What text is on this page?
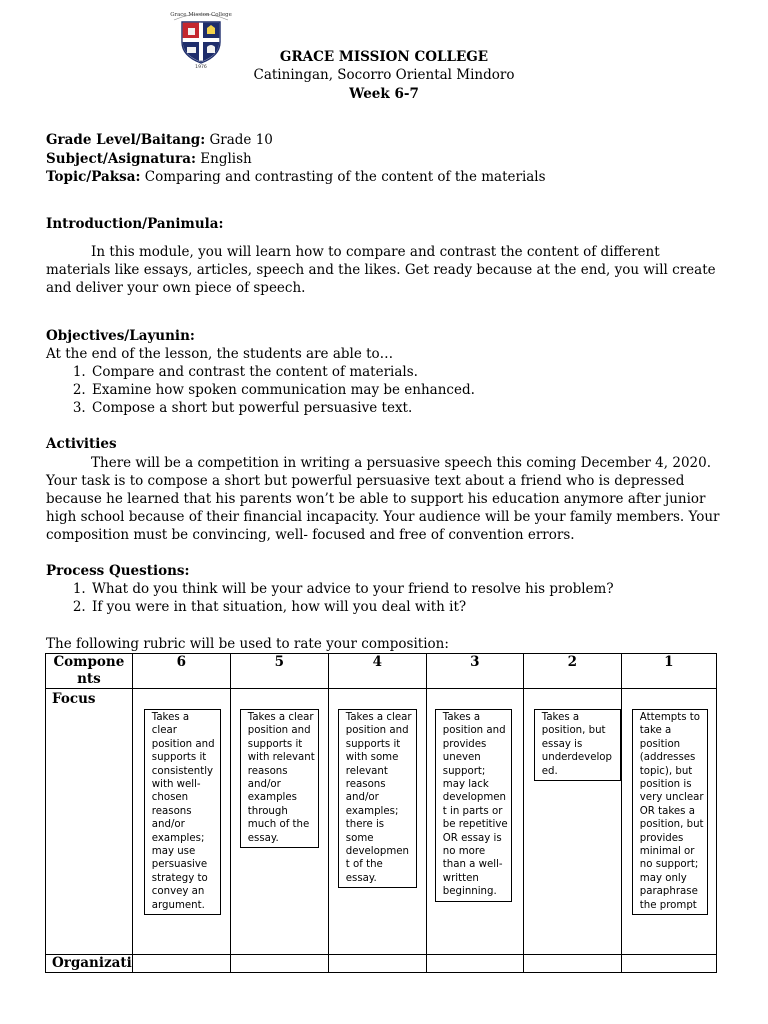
Grace Mission College
1976
GRACE MISSION COLLEGE
Catiningan, Socorro Oriental Mindoro
Week 6-7
Grade Level/Baitang: Grade 10
Subject/Asignatura: English
Topic/Paksa: Comparing and contrasting of the content of the materials
Introduction/Panimula:

In this module, you will learn how to compare and contrast the content of different materials like essays, articles, speech and the likes. Get ready because at the end, you will create and deliver your own piece of speech.

Objectives/Layunin:
At the end of the lesson, the students are able to…
1. Compare and contrast the content of materials.
2. Examine how spoken communication may be enhanced.
3. Compose a short but powerful persuasive text.
Activities

There will be a competition in writing a persuasive speech this coming December 4, 2020. Your task is to compose a short but powerful persuasive text about a friend who is depressed because he learned that his parents won’t be able to support his education anymore after junior high school because of their financial incapacity. Your audience will be your family members. Your composition must be convincing, well- focused and free of convention errors.

Process Questions:
1. What do you think will be your advice to your friend to resolve his problem?
2. If you were in that situation, how will you deal with it?
The following rubric will be used to rate your composition:
Compone nts	6	5	4	3	2	1
Focus	Takes a clear position and supports it consistently with well-chosen reasons and/or examples; may use persuasive strategy to convey an argument.	Takes a clear position and supports it with relevant reasons and/or examples through much of the essay.	Takes a clear position and supports it with some relevant reasons and/or examples; there is some developmen t of the essay.	Takes a position and provides uneven support; may lack developmen t in parts or be repetitive OR essay is no more than a well-written beginning.	Takes a position, but essay is underdevelop ed.	Attempts to take a position (addresses topic), but position is very unclear OR takes a position, but provides minimal or no support; may only paraphrase the prompt

Organizati						
